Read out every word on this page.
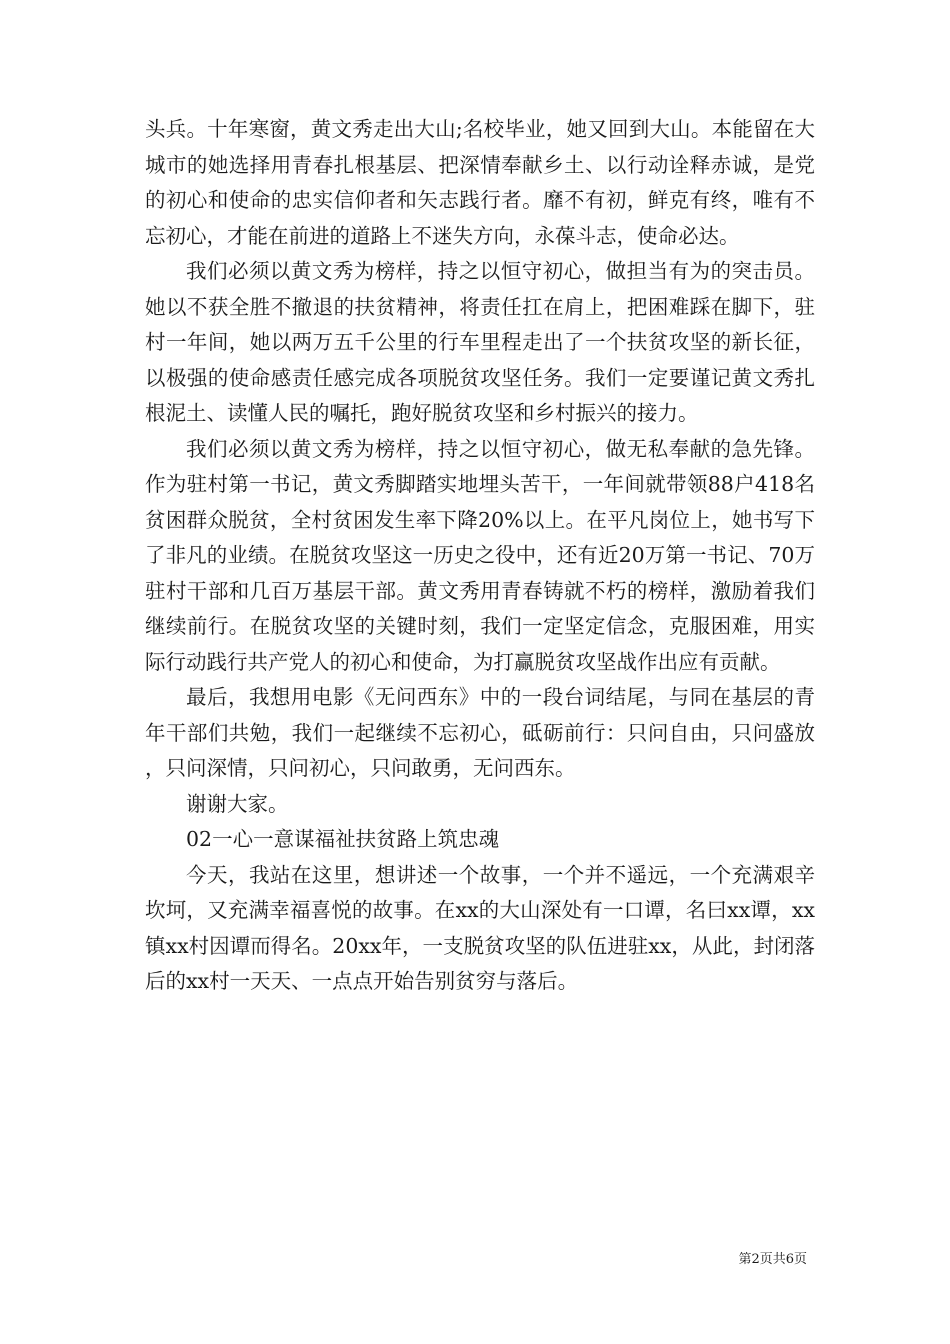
头兵。十年寒窗，黄文秀走出大山;名校毕业，她又回到大山。本能留在大城市的她选择用青春扎根基层、把深情奉献乡土、以行动诠释赤诚，是党的初心和使命的忠实信仰者和矢志践行者。靡不有初，鲜克有终，唯有不忘初心，才能在前进的道路上不迷失方向，永葆斗志，使命必达。

我们必须以黄文秀为榜样，持之以恒守初心，做担当有为的突击员。她以不获全胜不撤退的扶贫精神，将责任扛在肩上，把困难踩在脚下，驻村一年间，她以两万五千公里的行车里程走出了一个扶贫攻坚的新长征，以极强的使命感责任感完成各项脱贫攻坚任务。我们一定要谨记黄文秀扎根泥土、读懂人民的嘱托，跑好脱贫攻坚和乡村振兴的接力。

我们必须以黄文秀为榜样，持之以恒守初心，做无私奉献的急先锋。作为驻村第一书记，黄文秀脚踏实地埋头苦干，一年间就带领88户418名贫困群众脱贫，全村贫困发生率下降20%以上。在平凡岗位上，她书写下了非凡的业绩。在脱贫攻坚这一历史之役中，还有近20万第一书记、70万驻村干部和几百万基层干部。黄文秀用青春铸就不朽的榜样，激励着我们继续前行。在脱贫攻坚的关键时刻，我们一定坚定信念，克服困难，用实际行动践行共产党人的初心和使命，为打赢脱贫攻坚战作出应有贡献。

最后，我想用电影《无问西东》中的一段台词结尾，与同在基层的青年干部们共勉，我们一起继续不忘初心，砥砺前行：只问自由，只问盛放，只问深情，只问初心，只问敢勇，无问西东。

谢谢大家。

02一心一意谋福祉扶贫路上筑忠魂

今天，我站在这里，想讲述一个故事，一个并不遥远，一个充满艰辛坎坷，又充满幸福喜悦的故事。在xx的大山深处有一口谭，名曰xx谭，xx镇xx村因谭而得名。20xx年，一支脱贫攻坚的队伍进驻xx，从此，封闭落后的xx村一天天、一点点开始告别贫穷与落后。

第2页共6页
